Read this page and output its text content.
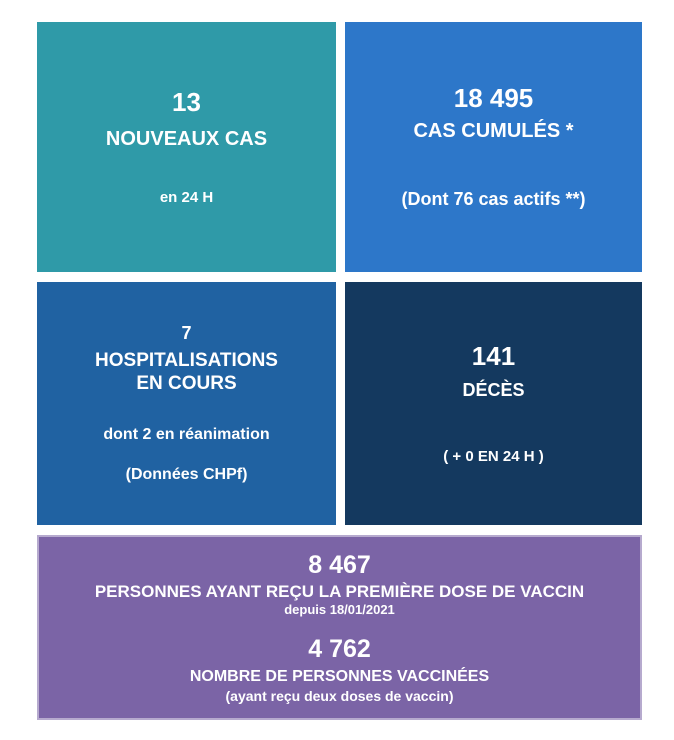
13
NOUVEAUX CAS
en 24 H
18 495
CAS CUMULÉS *
(Dont 76 cas actifs **)
7
HOSPITALISATIONS
EN COURS
dont 2 en réanimation
(Données CHPf)
141
DÉCÈS
( + 0 EN 24 H )
8 467
PERSONNES AYANT REÇU LA PREMIÈRE DOSE DE VACCIN
depuis 18/01/2021
4 762
NOMBRE DE PERSONNES VACCINÉES
(ayant reçu deux doses de vaccin)
